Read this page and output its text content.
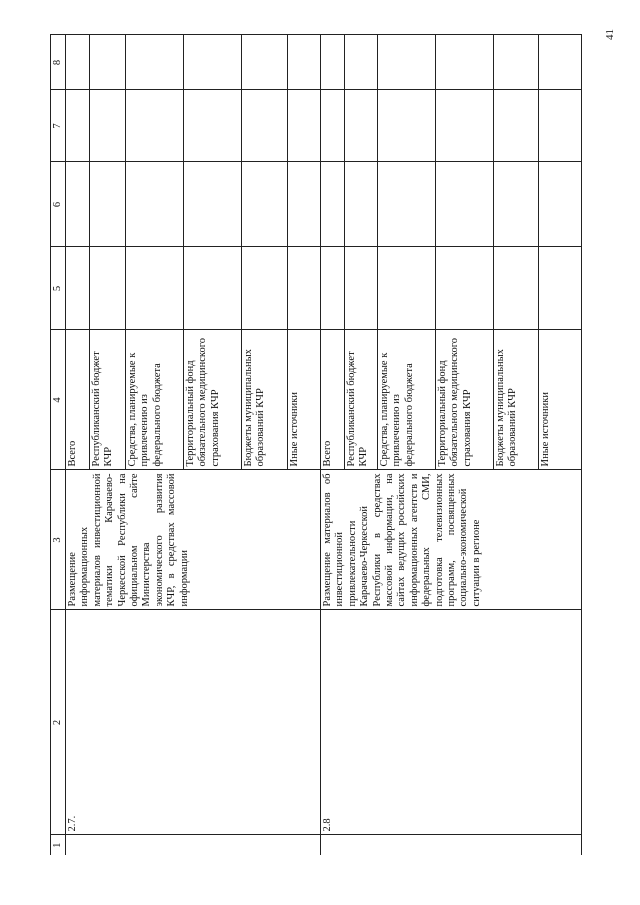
41
1	2	3	4	5	6	7	8
	2.7.	Размещение информационных материалов инвестиционной тематики Карачаево-Черкесской Республики на официальном сайте Министерства экономического развития КЧР, в средствах массовой информации	Всего				
			Республиканский бюджет КЧР				
			Средства, планируемые к привлечению из федерального бюджета				
			Территориальный фонд обязательного медицинского страхования КЧР				
			Бюджеты муниципальных образований КЧР				
			Иные источники				
	2.8	Размещение материалов об инвестиционной привлекательности Карачаево-Черкесской Республики в средствах массовой информации, на сайтах ведущих российских информационных агентств и федеральных СМИ, подготовка телевизионных программ, посвященных социально-экономической ситуации в регионе	Всего				
			Республиканский бюджет КЧР				
			Средства, планируемые к привлечению из федерального бюджета				
			Территориальный фонд обязательного медицинского страхования КЧР				
			Бюджеты муниципальных образований КЧР				
			Иные источники				
